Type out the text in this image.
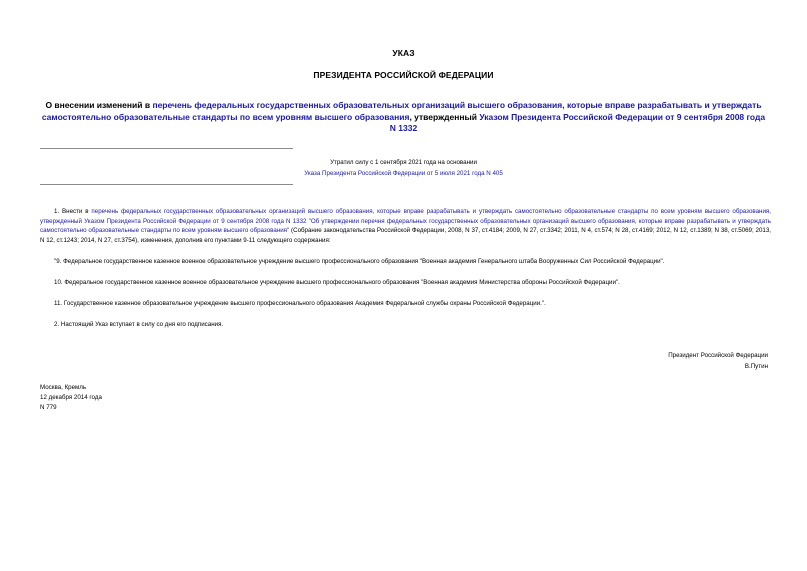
УКАЗ
ПРЕЗИДЕНТА РОССИЙСКОЙ ФЕДЕРАЦИИ
О внесении изменений в перечень федеральных государственных образовательных организаций высшего образования, которые вправе разрабатывать и утверждать самостоятельно образовательные стандарты по всем уровням высшего образования, утвержденный Указом Президента Российской Федерации от 9 сентября 2008 года N 1332
Утратил силу с 1 сентября 2021 года на основании
Указа Президента Российской Федерации от 5 июля 2021 года N 405
1. Внести в перечень федеральных государственных образовательных организаций высшего образования, которые вправе разрабатывать и утверждать самостоятельно образовательные стандарты по всем уровням высшего образования, утвержденный Указом Президента Российской Федерации от 9 сентября 2008 года N 1332 "Об утверждении перечня федеральных государственных образовательных организаций высшего образования, которые вправе разрабатывать и утверждать самостоятельно образовательные стандарты по всем уровням высшего образования" (Собрание законодательства Российской Федерации, 2008, N 37, ст.4184; 2009, N 27, ст.3342; 2011, N 4, ст.574; N 28, ст.4169; 2012, N 12, ст.1389; N 38, ст.5069; 2013, N 12, ст.1243; 2014, N 27, ст.3754), изменения, дополнив его пунктами 9-11 следующего содержания:
"9. Федеральное государственное казенное военное образовательное учреждение высшего профессионального образования "Военная академия Генерального штаба Вооруженных Сил Российской Федерации".
10. Федеральное государственное казенное военное образовательное учреждение высшего профессионального образования "Военная академия Министерства обороны Российской Федерации".
11. Государственное казенное образовательное учреждение высшего профессионального образования Академия Федеральной службы охраны Российской Федерации.".
2. Настоящий Указ вступает в силу со дня его подписания.
Президент Российской Федерации
В.Путин
Москва, Кремль
12 декабря 2014 года
N 779
